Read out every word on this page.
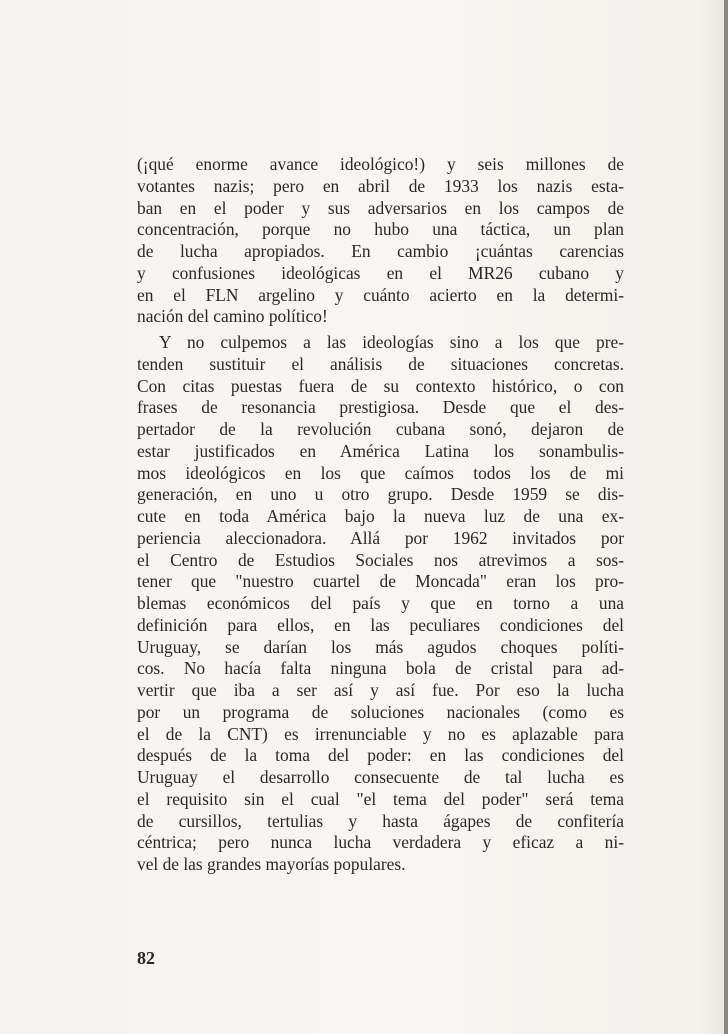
(¡qué enorme avance ideológico!) y seis millones de
votantes nazis; pero en abril de 1933 los nazis esta-
ban en el poder y sus adversarios en los campos de
concentración, porque no hubo una táctica, un plan
de lucha apropiados. En cambio ¡cuántas carencias
y confusiones ideológicas en el MR26 cubano y
en el FLN argelino y cuánto acierto en la determi-
nación del camino político!
Y no culpemos a las ideologías sino a los que pre-
tenden sustituir el análisis de situaciones concretas.
Con citas puestas fuera de su contexto histórico, o con
frases de resonancia prestigiosa. Desde que el des-
pertador de la revolución cubana sonó, dejaron de
estar justificados en América Latina los sonambulis-
mos ideológicos en los que caímos todos los de mi
generación, en uno u otro grupo. Desde 1959 se dis-
cute en toda América bajo la nueva luz de una ex-
periencia aleccionadora. Allá por 1962 invitados por
el Centro de Estudios Sociales nos atrevimos a sos-
tener que "nuestro cuartel de Moncada" eran los pro-
blemas económicos del país y que en torno a una
definición para ellos, en las peculiares condiciones del
Uruguay, se darían los más agudos choques políti-
cos. No hacía falta ninguna bola de cristal para ad-
vertir que iba a ser así y así fue. Por eso la lucha
por un programa de soluciones nacionales (como es
el de la CNT) es irrenunciable y no es aplazable para
después de la toma del poder: en las condiciones del
Uruguay el desarrollo consecuente de tal lucha es
el requisito sin el cual "el tema del poder" será tema
de cursillos, tertulias y hasta ágapes de confitería
céntrica; pero nunca lucha verdadera y eficaz a ni-
vel de las grandes mayorías populares.
82
